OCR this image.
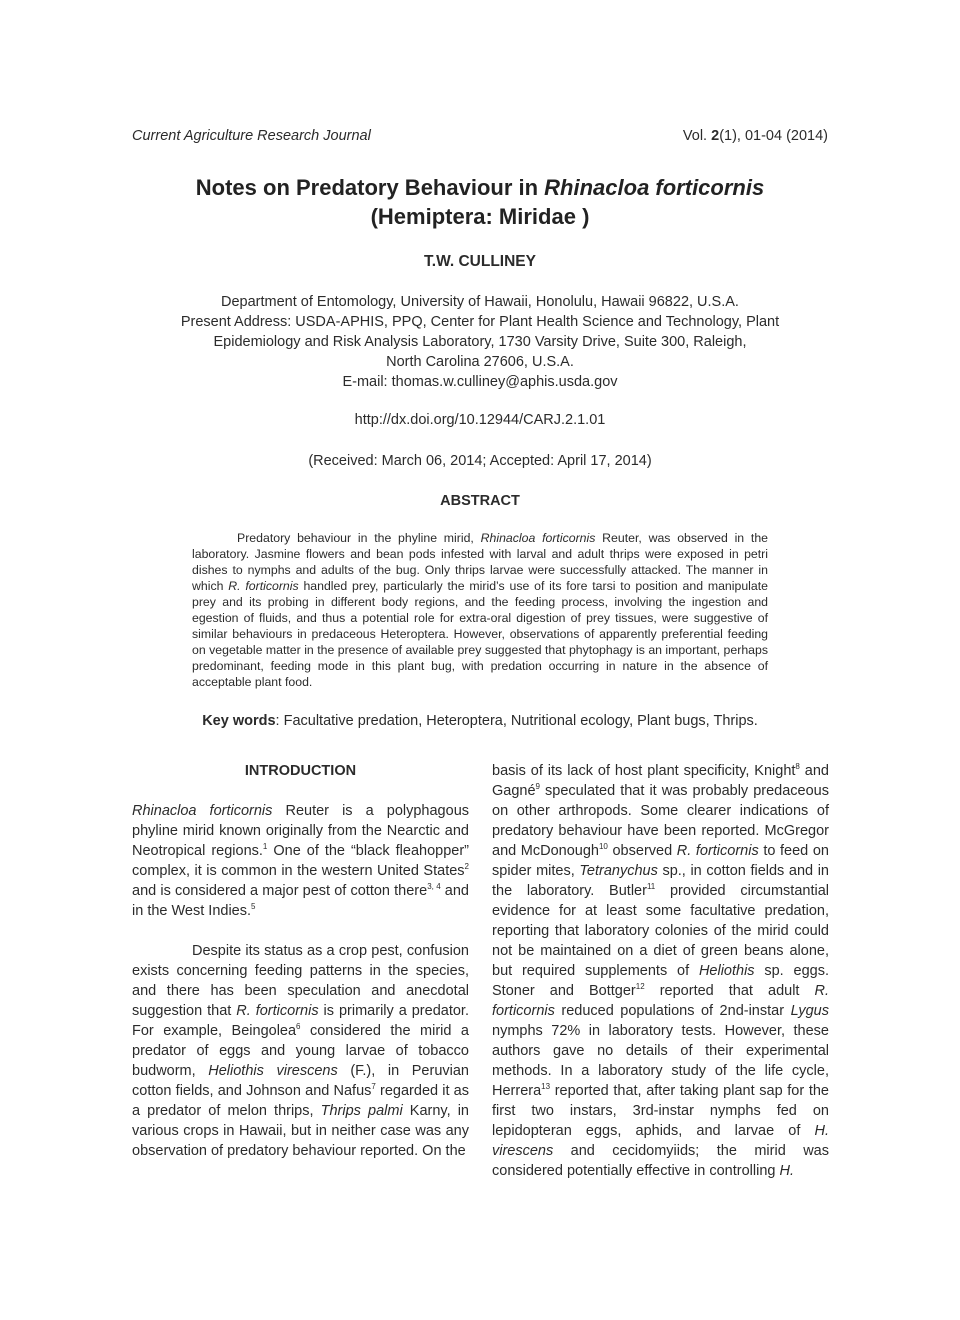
Current Agriculture Research Journal	Vol. 2(1), 01-04 (2014)
Notes on Predatory Behaviour in Rhinacloa forticornis
(Hemiptera: Miridae )
T.W. CULLINEY
Department of Entomology, University of Hawaii, Honolulu, Hawaii 96822, U.S.A.
Present Address: USDA-APHIS, PPQ, Center for Plant Health Science and Technology, Plant
Epidemiology and Risk Analysis Laboratory, 1730 Varsity Drive, Suite 300, Raleigh,
North Carolina 27606, U.S.A.
E-mail: thomas.w.culliney@aphis.usda.gov
http://dx.doi.org/10.12944/CARJ.2.1.01
(Received: March 06, 2014; Accepted: April 17, 2014)
ABSTRACT

Predatory behaviour in the phyline mirid, Rhinacloa forticornis Reuter, was observed in the laboratory. Jasmine flowers and bean pods infested with larval and adult thrips were exposed in petri dishes to nymphs and adults of the bug. Only thrips larvae were successfully attacked. The manner in which R. forticornis handled prey, particularly the mirid’s use of its fore tarsi to position and manipulate prey and its probing in different body regions, and the feeding process, involving the ingestion and egestion of fluids, and thus a potential role for extra-oral digestion of prey tissues, were suggestive of similar behaviours in predaceous Heteroptera. However, observations of apparently preferential feeding on vegetable matter in the presence of available prey suggested that phytophagy is an important, perhaps predominant, feeding mode in this plant bug, with predation occurring in nature in the absence of acceptable plant food.

Key words: Facultative predation, Heteroptera, Nutritional ecology, Plant bugs, Thrips.

INTRODUCTION

Rhinacloa forticornis Reuter is a polyphagous phyline mirid known originally from the Nearctic and Neotropical regions.$^1$ One of the “black fleahopper” complex, it is common in the western United States$^2$ and is considered a major pest of cotton there$^{3, 4}$ and in the West Indies.$^5$

Despite its status as a crop pest, confusion exists concerning feeding patterns in the species, and there has been speculation and anecdotal suggestion that R. forticornis is primarily a predator. For example, Beingolea$^6$ considered the mirid a predator of eggs and young larvae of tobacco budworm, Heliothis virescens (F.), in Peruvian cotton fields, and Johnson and Nafus$^7$ regarded it as a predator of melon thrips, Thrips palmi Karny, in various crops in Hawaii, but in neither case was any observation of predatory behaviour reported. On the

basis of its lack of host plant specificity, Knight$^8$ and Gagné$^9$ speculated that it was probably predaceous on other arthropods. Some clearer indications of predatory behaviour have been reported. McGregor and McDonough$^{10}$ observed R. forticornis to feed on spider mites, Tetranychus sp., in cotton fields and in the laboratory. Butler$^{11}$ provided circumstantial evidence for at least some facultative predation, reporting that laboratory colonies of the mirid could not be maintained on a diet of green beans alone, but required supplements of Heliothis sp. eggs. Stoner and Bottger$^{12}$ reported that adult R. forticornis reduced populations of 2nd-instar Lygus nymphs 72% in laboratory tests. However, these authors gave no details of their experimental methods. In a laboratory study of the life cycle, Herrera$^{13}$ reported that, after taking plant sap for the first two instars, 3rd-instar nymphs fed on lepidopteran eggs, aphids, and larvae of H. virescens and cecidomyiids; the mirid was considered potentially effective in controlling H.
